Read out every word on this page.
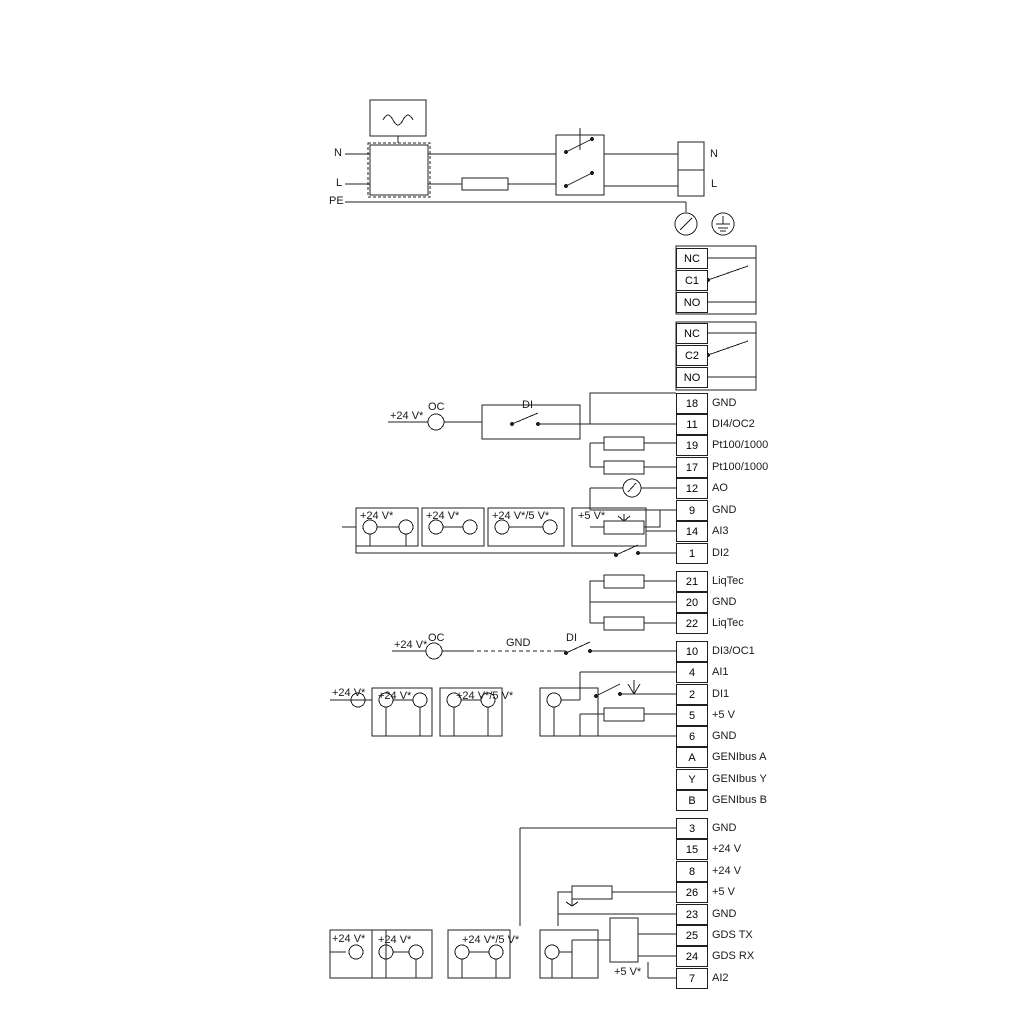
N
L
PE
N
L
NC
C1
NO
NC
C2
NO
18	GND
11	DI4/OC2
19	Pt100/1000
17	Pt100/1000
12	AO
9	GND
14	AI3
1	DI2
21	LiqTec
20	GND
22	LiqTec
10	DI3/OC1
4	AI1
2	DI1
5	+5 V
6	GND
A	GENIbus A
Y	GENIbus Y
B	GENIbus B
3	GND
15	+24 V
8	+24 V
26	+5 V
23	GND
25	GDS TX
24	GDS RX
7	AI2
+24 V*
OC	DI
+24 V*	+24 V*	+24 V*/5 V*	+5 V*
+24 V*
OC	GND	DI
+24 V* +24 V*	+24 V*/5 V*
+24 V* +24 V*	+24 V*/5 V*
+5 V*
